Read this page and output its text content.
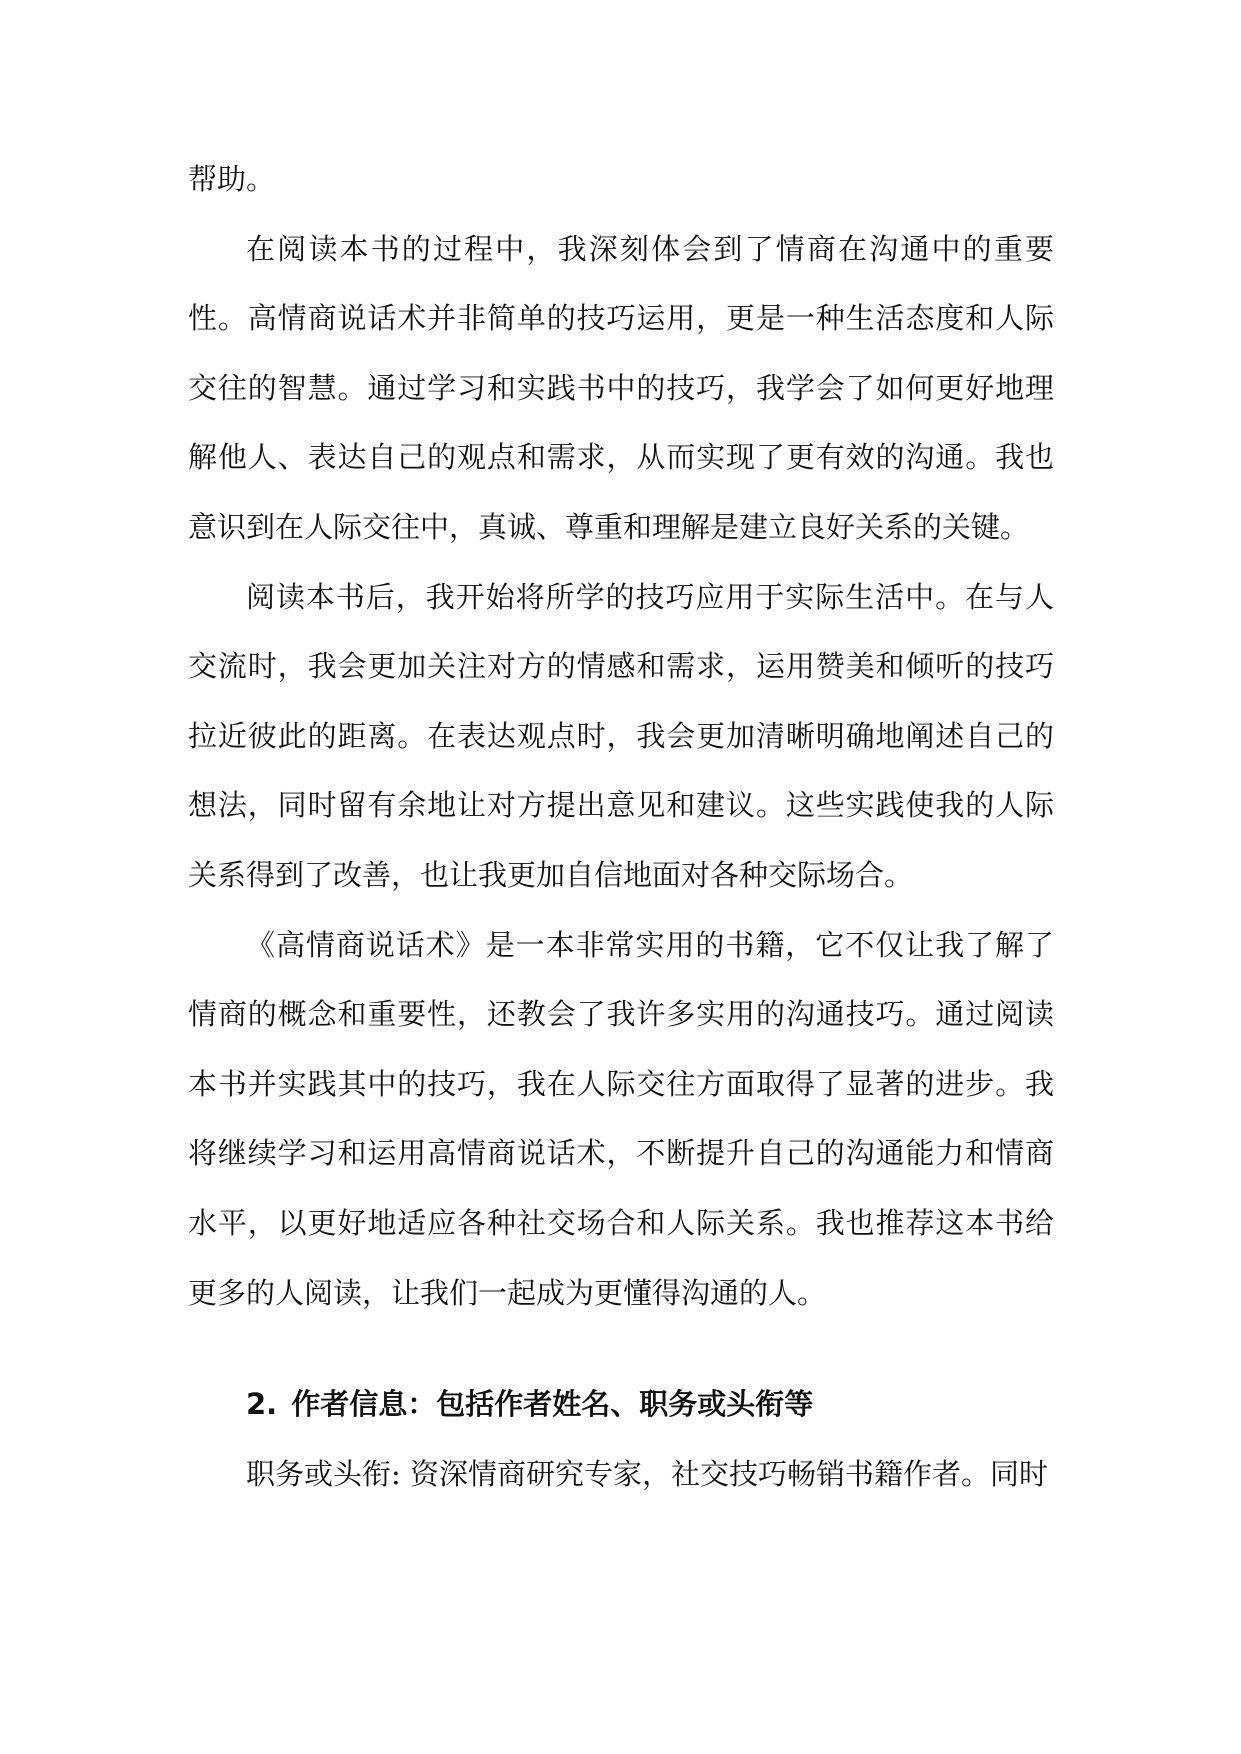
帮助。

在阅读本书的过程中，我深刻体会到了情商在沟通中的重要性。高情商说话术并非简单的技巧运用，更是一种生活态度和人际交往的智慧。通过学习和实践书中的技巧，我学会了如何更好地理解他人、表达自己的观点和需求，从而实现了更有效的沟通。我也意识到在人际交往中，真诚、尊重和理解是建立良好关系的关键。

阅读本书后，我开始将所学的技巧应用于实际生活中。在与人交流时，我会更加关注对方的情感和需求，运用赞美和倾听的技巧拉近彼此的距离。在表达观点时，我会更加清晰明确地阐述自己的想法，同时留有余地让对方提出意见和建议。这些实践使我的人际关系得到了改善，也让我更加自信地面对各种交际场合。

《高情商说话术》是一本非常实用的书籍，它不仅让我了解了情商的概念和重要性，还教会了我许多实用的沟通技巧。通过阅读本书并实践其中的技巧，我在人际交往方面取得了显著的进步。我将继续学习和运用高情商说话术，不断提升自己的沟通能力和情商水平，以更好地适应各种社交场合和人际关系。我也推荐这本书给更多的人阅读，让我们一起成为更懂得沟通的人。

2. 作者信息：包括作者姓名、职务或头衔等

职务或头衔: 资深情商研究专家，社交技巧畅销书籍作者。同时
